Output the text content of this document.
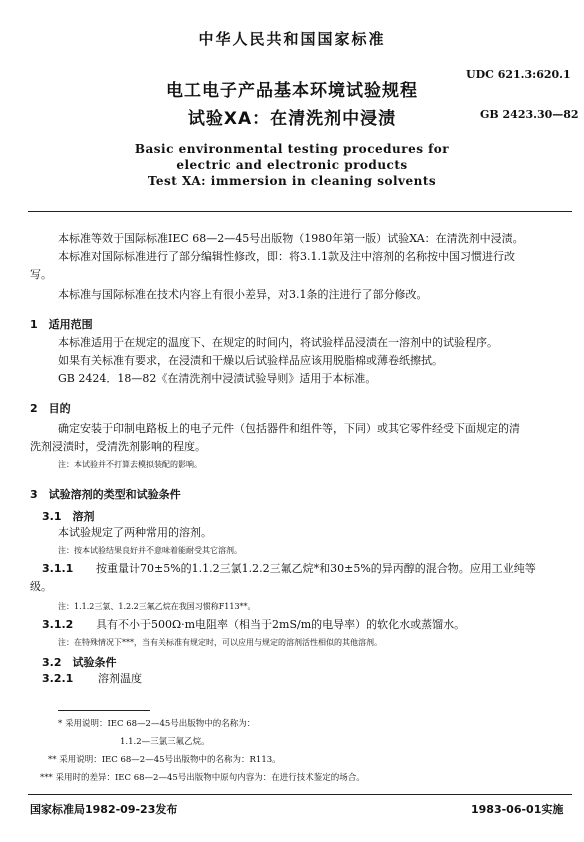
中华人民共和国国家标准
UDC 621.3:620.1
GB 2423.30—82
电工电子产品基本环境试验规程
试验XA：在清洗剂中浸渍
Basic environmental testing procedures for
electric and electronic products
Test XA: immersion in cleaning solvents
本标准等效于国际标准IEC 68—2—45号出版物（1980年第一版）试验XA：在清洗剂中浸渍。
本标准对国际标准进行了部分编辑性修改，即：将3.1.1款及注中溶剂的名称按中国习惯进行改
写。
本标准与国际标准在技术内容上有很小差异，对3.1条的注进行了部分修改。
1　适用范围
本标准适用于在规定的温度下、在规定的时间内，将试验样品浸渍在一溶剂中的试验程序。
如果有关标准有要求，在浸渍和干燥以后试验样品应该用脱脂棉或薄卷纸擦拭。
GB 2424．18—82《在清洗剂中浸渍试验导则》适用于本标准。
2　目的
确定安装于印制电路板上的电子元件（包括器件和组件等，下同）或其它零件经受下面规定的清
洗剂浸渍时，受清洗剂影响的程度。
注：本试验并不打算去模拟装配的影响。
3　试验溶剂的类型和试验条件
3.1　溶剂
本试验规定了两种常用的溶剂。
注：按本试验结果良好并不意味着能耐受其它溶剂。
3.1.1 按重量计70±5%的1.1.2三氯1.2.2三氟乙烷*和30±5%的异丙醇的混合物。应用工业纯等
级。
注：1.1.2三氯、1.2.2三氟乙烷在我国习惯称F113**。
3.1.2 具有不小于500Ω·m电阻率（相当于2mS/m的电导率）的软化水或蒸馏水。
注：在特殊情况下***，当有关标准有规定时，可以应用与规定的溶剂活性相似的其他溶剂。
3.2　试验条件
3.2.1 溶剂温度
* 采用说明：IEC 68—2—45号出版物中的名称为：
1.1.2—三氯三氟乙烷。
** 采用说明：IEC 68—2—45号出版物中的名称为：R113。
*** 采用时的差异：IEC 68—2—45号出版物中原句内容为：在进行技术鉴定的场合。
国家标准局1982-09-23发布	1983-06-01实施
